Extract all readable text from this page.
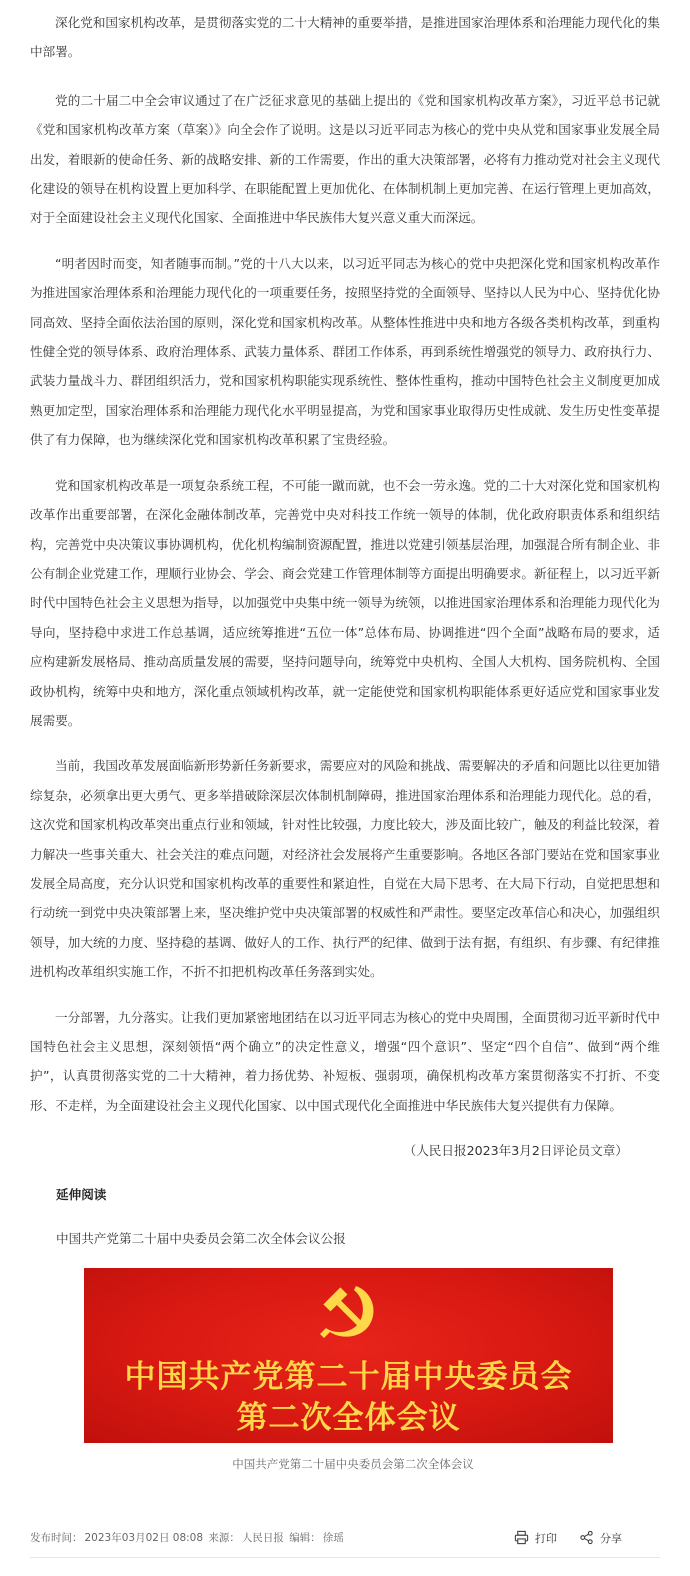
深化党和国家机构改革，是贯彻落实党的二十大精神的重要举措，是推进国家治理体系和治理能力现代化的集中部署。

党的二十届二中全会审议通过了在广泛征求意见的基础上提出的《党和国家机构改革方案》，习近平总书记就《党和国家机构改革方案（草案）》向全会作了说明。这是以习近平同志为核心的党中央从党和国家事业发展全局出发，着眼新的使命任务、新的战略安排、新的工作需要，作出的重大决策部署，必将有力推动党对社会主义现代化建设的领导在机构设置上更加科学、在职能配置上更加优化、在体制机制上更加完善、在运行管理上更加高效，对于全面建设社会主义现代化国家、全面推进中华民族伟大复兴意义重大而深远。

“明者因时而变，知者随事而制。”党的十八大以来，以习近平同志为核心的党中央把深化党和国家机构改革作为推进国家治理体系和治理能力现代化的一项重要任务，按照坚持党的全面领导、坚持以人民为中心、坚持优化协同高效、坚持全面依法治国的原则，深化党和国家机构改革。从整体性推进中央和地方各级各类机构改革，到重构性健全党的领导体系、政府治理体系、武装力量体系、群团工作体系，再到系统性增强党的领导力、政府执行力、武装力量战斗力、群团组织活力，党和国家机构职能实现系统性、整体性重构，推动中国特色社会主义制度更加成熟更加定型，国家治理体系和治理能力现代化水平明显提高，为党和国家事业取得历史性成就、发生历史性变革提供了有力保障，也为继续深化党和国家机构改革积累了宝贵经验。

党和国家机构改革是一项复杂系统工程，不可能一蹴而就，也不会一劳永逸。党的二十大对深化党和国家机构改革作出重要部署，在深化金融体制改革，完善党中央对科技工作统一领导的体制，优化政府职责体系和组织结构，完善党中央决策议事协调机构，优化机构编制资源配置，推进以党建引领基层治理，加强混合所有制企业、非公有制企业党建工作，理顺行业协会、学会、商会党建工作管理体制等方面提出明确要求。新征程上，以习近平新时代中国特色社会主义思想为指导，以加强党中央集中统一领导为统领，以推进国家治理体系和治理能力现代化为导向，坚持稳中求进工作总基调，适应统筹推进“五位一体”总体布局、协调推进“四个全面”战略布局的要求，适应构建新发展格局、推动高质量发展的需要，坚持问题导向，统筹党中央机构、全国人大机构、国务院机构、全国政协机构，统筹中央和地方，深化重点领域机构改革，就一定能使党和国家机构职能体系更好适应党和国家事业发展需要。

当前，我国改革发展面临新形势新任务新要求，需要应对的风险和挑战、需要解决的矛盾和问题比以往更加错综复杂，必须拿出更大勇气、更多举措破除深层次体制机制障碍，推进国家治理体系和治理能力现代化。总的看，这次党和国家机构改革突出重点行业和领域，针对性比较强，力度比较大，涉及面比较广，触及的利益比较深，着力解决一些事关重大、社会关注的难点问题，对经济社会发展将产生重要影响。各地区各部门要站在党和国家事业发展全局高度，充分认识党和国家机构改革的重要性和紧迫性，自觉在大局下思考、在大局下行动，自觉把思想和行动统一到党中央决策部署上来，坚决维护党中央决策部署的权威性和严肃性。要坚定改革信心和决心，加强组织领导，加大统的力度、坚持稳的基调、做好人的工作、执行严的纪律、做到于法有据，有组织、有步骤、有纪律推进机构改革组织实施工作，不折不扣把机构改革任务落到实处。

一分部署，九分落实。让我们更加紧密地团结在以习近平同志为核心的党中央周围，全面贯彻习近平新时代中国特色社会主义思想，深刻领悟“两个确立”的决定性意义，增强“四个意识”、坚定“四个自信”、做到“两个维护”，认真贯彻落实党的二十大精神，着力扬优势、补短板、强弱项，确保机构改革方案贯彻落实不打折、不变形、不走样，为全面建设社会主义现代化国家、以中国式现代化全面推进中华民族伟大复兴提供有力保障。

（人民日报2023年3月2日评论员文章）
延伸阅读
中国共产党第二十届中央委员会第二次全体会议公报
中国共产党第二十届中央委员会
第二次全体会议
中国共产党第二十届中央委员会第二次全体会议
发布时间： 2023年03月02日 08:08 来源： 人民日报 编辑： 徐瑶	打印	分享
